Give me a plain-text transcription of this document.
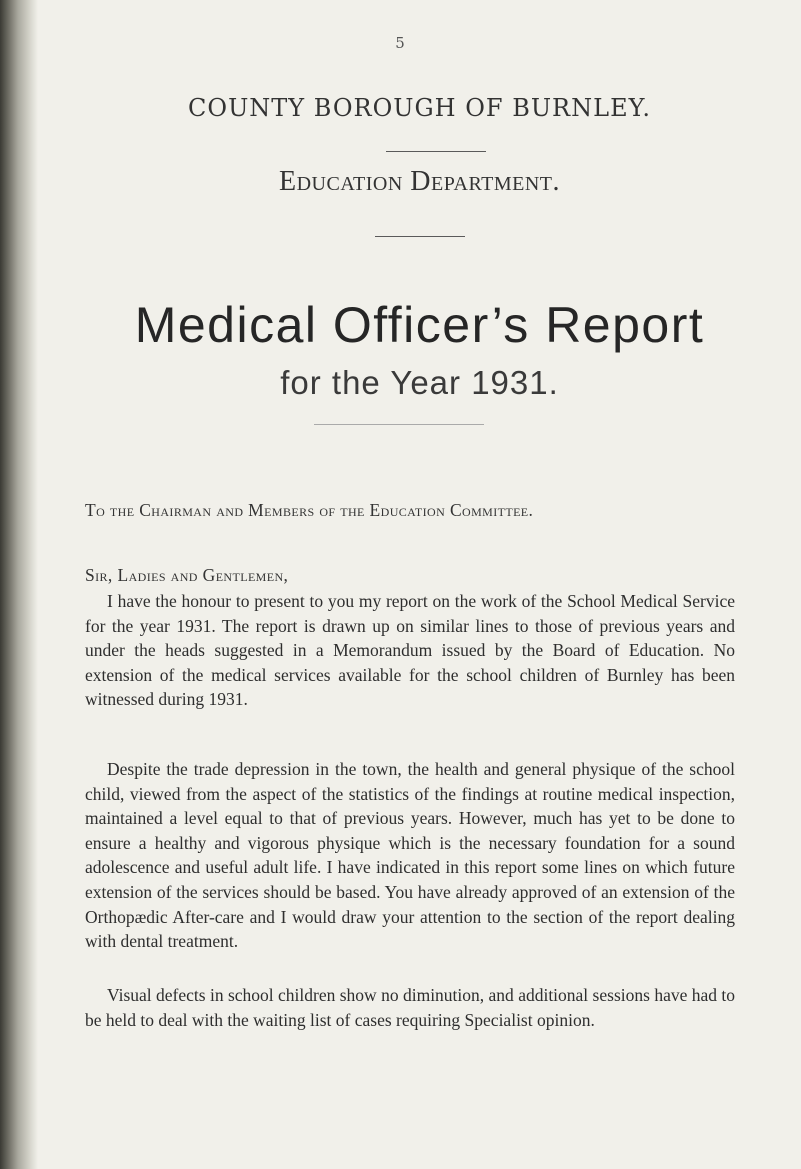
5
COUNTY BOROUGH OF BURNLEY.
Education Department.
Medical Officer’s Report
for the Year 1931.
To the Chairman and Members of the Education Committee.
Sir, Ladies and Gentlemen,

I have the honour to present to you my report on the work of the School Medical Service for the year 1931. The report is drawn up on similar lines to those of previous years and under the heads suggested in a Memorandum issued by the Board of Education. No extension of the medical services available for the school children of Burnley has been witnessed during 1931.

Despite the trade depression in the town, the health and general physique of the school child, viewed from the aspect of the statistics of the findings at routine medical inspection, maintained a level equal to that of previous years. However, much has yet to be done to ensure a healthy and vigorous physique which is the necessary foundation for a sound adolescence and useful adult life. I have indicated in this report some lines on which future extension of the services should be based. You have already approved of an extension of the Orthopædic After-care and I would draw your attention to the section of the report dealing with dental treatment.

Visual defects in school children show no diminution, and additional sessions have had to be held to deal with the waiting list of cases requiring Specialist opinion.
